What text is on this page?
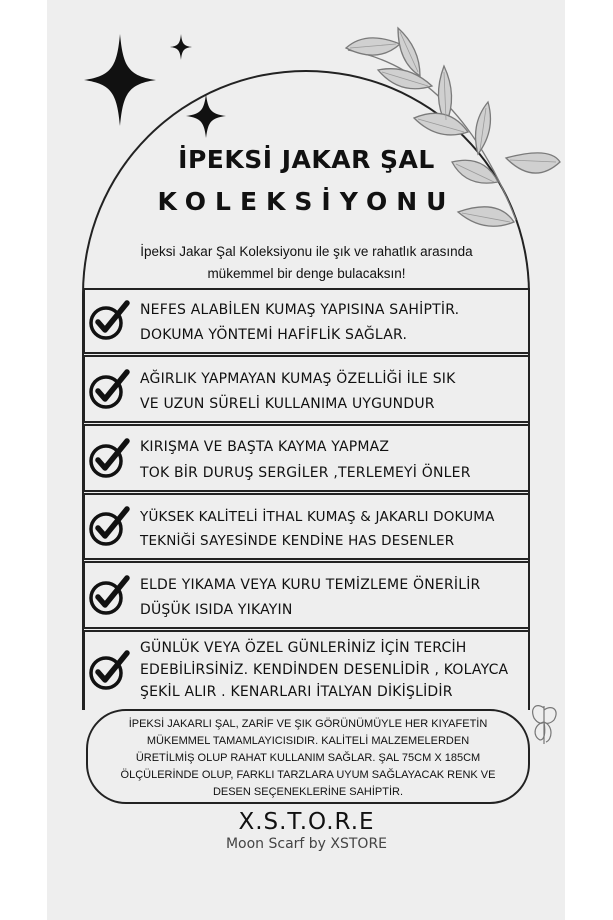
İPEKSİ JAKAR ŞAL
KOLEKSİYONU
İpeksi Jakar Şal Koleksiyonu ile şık ve rahatlık arasında
mükemmel bir denge bulacaksın!
NEFES ALABİLEN KUMAŞ YAPISINA SAHİPTİR.
DOKUMA YÖNTEMİ HAFİFLİK SAĞLAR.
AĞIRLIK YAPMAYAN KUMAŞ ÖZELLİĞİ İLE SIK
VE UZUN SÜRELİ KULLANIMA UYGUNDUR
KIRIŞMA VE BAŞTA KAYMA YAPMAZ
TOK BİR DURUŞ SERGİLER ,TERLEMEYİ ÖNLER
YÜKSEK KALİTELİ İTHAL KUMAŞ & JAKARLI DOKUMA
TEKNİĞİ SAYESİNDE KENDİNE HAS DESENLER
ELDE YIKAMA VEYA KURU TEMİZLEME ÖNERİLİR
DÜŞÜK ISIDA YIKAYIN
GÜNLÜK VEYA ÖZEL GÜNLERİNİZ İÇİN TERCİH
EDEBİLİRSİNİZ. KENDİNDEN DESENLİDİR , KOLAYCA
ŞEKİL ALIR . KENARLARI İTALYAN DİKİŞLİDİR
İPEKSİ JAKARLI ŞAL, ZARİF VE ŞIK GÖRÜNÜMÜYLE HER KIYAFETİN
MÜKEMMEL TAMAMLAYICISIDIR. KALİTELİ MALZEMELERDEN
ÜRETİLMİŞ OLUP RAHAT KULLANIM SAĞLAR. ŞAL 75CM X 185CM
ÖLÇÜLERİNDE OLUP, FARKLI TARZLARA UYUM SAĞLAYACAK RENK VE
DESEN SEÇENEKLERİNE SAHİPTİR.
X.S.T.O.R.E
Moon Scarf by XSTORE
